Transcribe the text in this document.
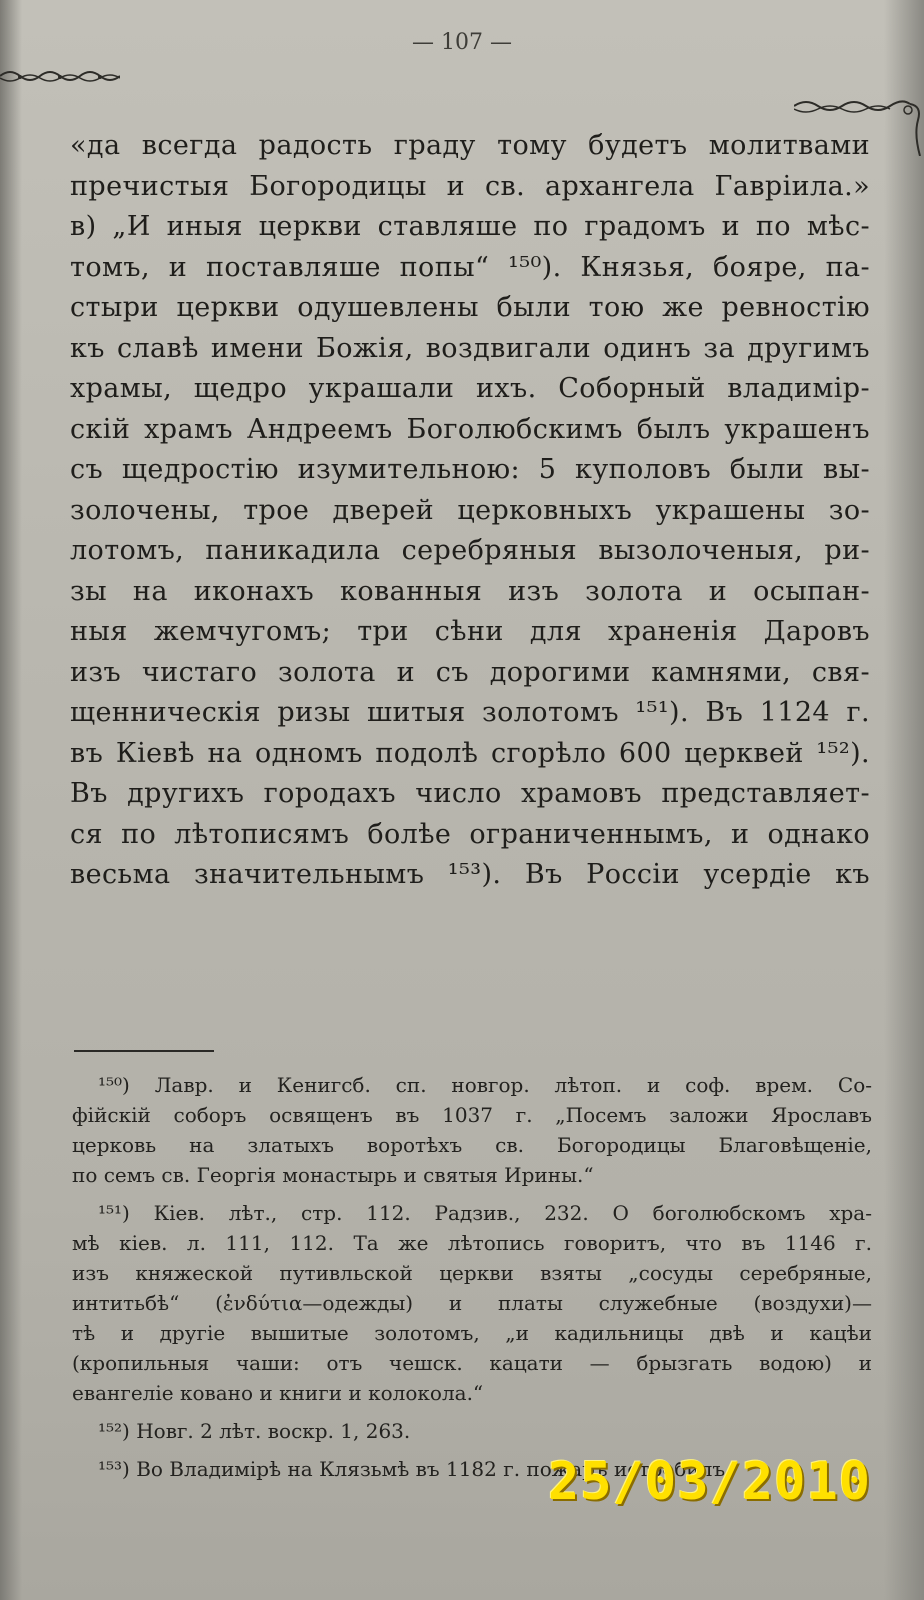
— 107 —
«да всегда радость граду тому будетъ молитвами
пречистыя Богородицы и св. архангела Гавріила.»
в) „И иныя церкви ставляше по градомъ и по мѣс-
томъ, и поставляше попы“ ¹⁵⁰). Князья, бояре, па-
стыри церкви одушевлены были тою же ревностію
къ славѣ имени Божія, воздвигали одинъ за другимъ
храмы, щедро украшали ихъ. Соборный владимір-
скій храмъ Андреемъ Боголюбскимъ былъ украшенъ
съ щедростію изумительною: 5 куполовъ были вы-
золочены, трое дверей церковныхъ украшены зо-
лотомъ, паникадила серебряныя вызолоченыя, ри-
зы на иконахъ кованныя изъ золота и осыпан-
ныя жемчугомъ; три сѣни для храненія Даровъ
изъ чистаго золота и съ дорогими камнями, свя-
щенническія ризы шитыя золотомъ ¹⁵¹). Въ 1124 г.
въ Кіевѣ на одномъ подолѣ сгорѣло 600 церквей ¹⁵²).
Въ другихъ городахъ число храмовъ представляет-
ся по лѣтописямъ болѣе ограниченнымъ, и однако
весьма значительнымъ ¹⁵³). Въ Россіи усердіе къ
¹⁵⁰) Лавр. и Кенигсб. сп. новгор. лѣтоп. и соф. врем. Со-
фійскій соборъ освященъ въ 1037 г. „Посемъ заложи Ярославъ
церковь на златыхъ воротѣхъ св. Богородицы Благовѣщеніе,
по семъ св. Георгія монастырь и святыя Ирины.“
¹⁵¹) Кіев. лѣт., стр. 112. Радзив., 232. О боголюбскомъ хра-
мѣ кіев. л. 111, 112. Та же лѣтопись говоритъ, что въ 1146 г.
изъ княжеской путивльской церкви взяты „сосуды серебряные,
интитьбѣ“ (ἐνδύτια—одежды) и платы служебные (воздухи)—
тѣ и другіе вышитые золотомъ, „и кадильницы двѣ и кацѣи
(кропильныя чаши: отъ чешск. кацати — брызгать водою) и
евангеліе ковано и книги и колокола.“
¹⁵²) Новг. 2 лѣт. воскр. 1, 263.
¹⁵³) Во Владимірѣ на Клязьмѣ въ 1182 г. пожаръ истребилъ
25/03/2010
